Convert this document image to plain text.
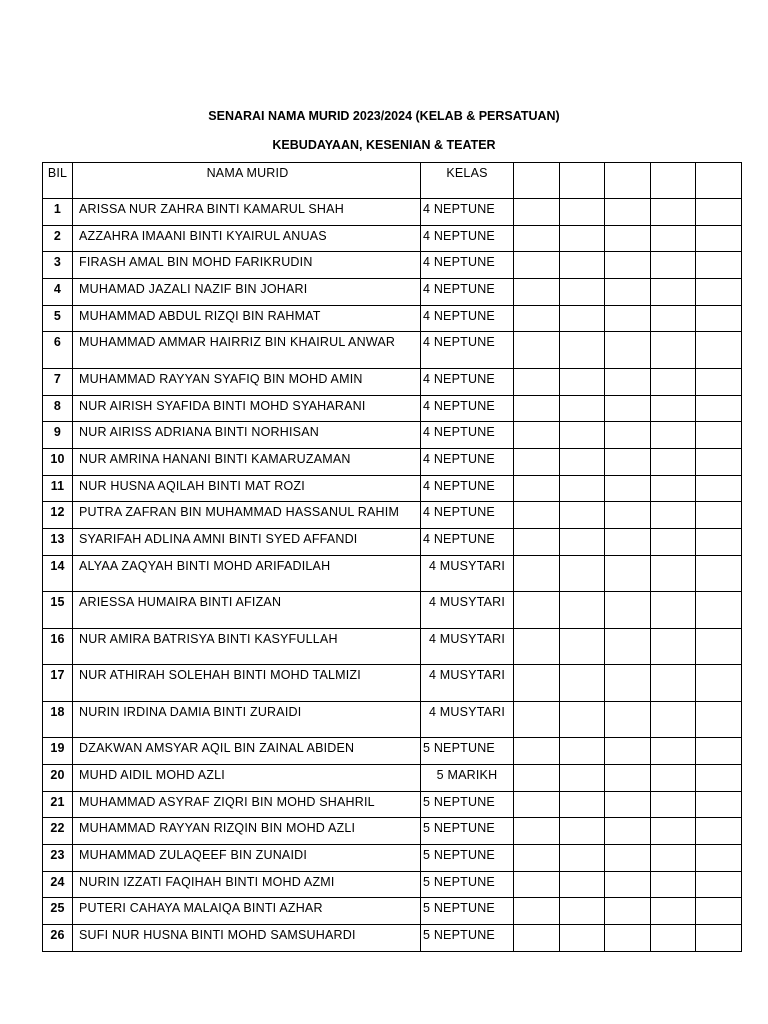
SENARAI NAMA MURID 2023/2024 (KELAB & PERSATUAN)
KEBUDAYAAN, KESENIAN & TEATER
BIL	NAMA MURID	KELAS					
1	ARISSA NUR ZAHRA BINTI KAMARUL SHAH	4 NEPTUNE					
2	AZZAHRA IMAANI BINTI KYAIRUL ANUAS	4 NEPTUNE					
3	FIRASH AMAL BIN MOHD FARIKRUDIN	4 NEPTUNE					
4	MUHAMAD JAZALI NAZIF BIN JOHARI	4 NEPTUNE					
5	MUHAMMAD ABDUL RIZQI BIN RAHMAT	4 NEPTUNE					
6	MUHAMMAD AMMAR HAIRRIZ BIN KHAIRUL ANWAR	4 NEPTUNE					
7	MUHAMMAD RAYYAN SYAFIQ BIN MOHD AMIN	4 NEPTUNE					
8	NUR AIRISH SYAFIDA BINTI MOHD SYAHARANI	4 NEPTUNE					
9	NUR AIRISS ADRIANA BINTI NORHISAN	4 NEPTUNE					
10	NUR AMRINA HANANI BINTI KAMARUZAMAN	4 NEPTUNE					
11	NUR HUSNA AQILAH BINTI MAT ROZI	4 NEPTUNE					
12	PUTRA ZAFRAN BIN MUHAMMAD HASSANUL RAHIM	4 NEPTUNE					
13	SYARIFAH ADLINA AMNI BINTI SYED AFFANDI	4 NEPTUNE					
14	ALYAA ZAQYAH BINTI MOHD ARIFADILAH	4 MUSYTARI					
15	ARIESSA HUMAIRA BINTI AFIZAN	4 MUSYTARI					
16	NUR AMIRA BATRISYA BINTI KASYFULLAH	4 MUSYTARI					
17	NUR ATHIRAH SOLEHAH BINTI MOHD TALMIZI	4 MUSYTARI					
18	NURIN IRDINA DAMIA BINTI ZURAIDI	4 MUSYTARI					
19	DZAKWAN AMSYAR AQIL BIN ZAINAL ABIDEN	5 NEPTUNE					
20	MUHD AIDIL MOHD AZLI	5 MARIKH					
21	MUHAMMAD ASYRAF ZIQRI BIN MOHD SHAHRIL	5 NEPTUNE					
22	MUHAMMAD RAYYAN RIZQIN BIN MOHD AZLI	5 NEPTUNE					
23	MUHAMMAD ZULAQEEF BIN ZUNAIDI	5 NEPTUNE					
24	NURIN IZZATI FAQIHAH BINTI MOHD AZMI	5 NEPTUNE					
25	PUTERI CAHAYA MALAIQA BINTI AZHAR	5 NEPTUNE					
26	SUFI NUR HUSNA BINTI MOHD SAMSUHARDI	5 NEPTUNE					
